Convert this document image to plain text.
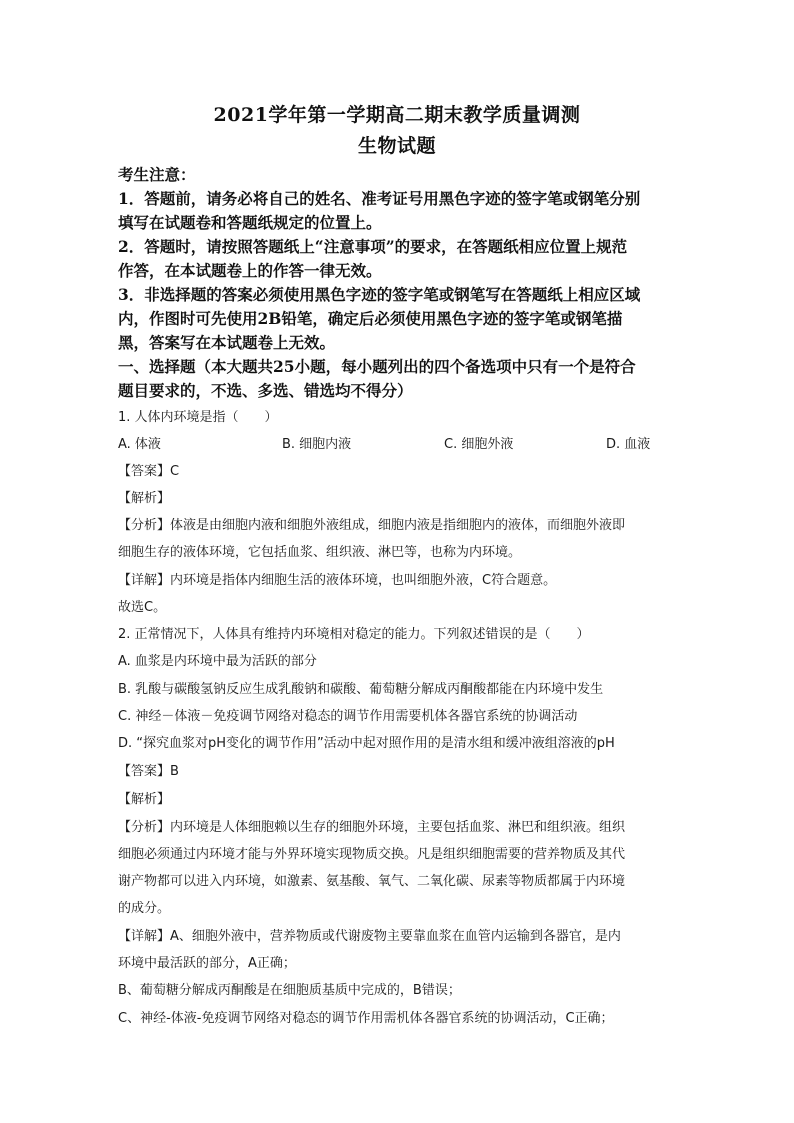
2021学年第一学期高二期末教学质量调测
生物试题
考生注意：
1．答题前，请务必将自己的姓名、准考证号用黑色字迹的签字笔或钢笔分别
填写在试题卷和答题纸规定的位置上。
2．答题时，请按照答题纸上“注意事项”的要求，在答题纸相应位置上规范
作答，在本试题卷上的作答一律无效。
3．非选择题的答案必须使用黑色字迹的签字笔或钢笔写在答题纸上相应区域
内，作图时可先使用2B铅笔，确定后必须使用黑色字迹的签字笔或钢笔描
黑，答案写在本试题卷上无效。
一、选择题（本大题共25小题，每小题列出的四个备选项中只有一个是符合
题目要求的，不选、多选、错选均不得分）
1. 人体内环境是指（　　）
A. 体液	B. 细胞内液	C. 细胞外液	D. 血液
【答案】C
【解析】
【分析】体液是由细胞内液和细胞外液组成，细胞内液是指细胞内的液体，而细胞外液即
细胞生存的液体环境，它包括血浆、组织液、淋巴等，也称为内环境。
【详解】内环境是指体内细胞生活的液体环境，也叫细胞外液，C符合题意。
故选C。
2. 正常情况下，人体具有维持内环境相对稳定的能力。下列叙述错误的是（　　）
A. 血浆是内环境中最为活跃的部分
B. 乳酸与碳酸氢钠反应生成乳酸钠和碳酸、葡萄糖分解成丙酮酸都能在内环境中发生
C. 神经－体液－免疫调节网络对稳态的调节作用需要机体各器官系统的协调活动
D. “探究血浆对pH变化的调节作用”活动中起对照作用的是清水组和缓冲液组溶液的pH
【答案】B
【解析】
【分析】内环境是人体细胞赖以生存的细胞外环境，主要包括血浆、淋巴和组织液。组织
细胞必须通过内环境才能与外界环境实现物质交换。凡是组织细胞需要的营养物质及其代
谢产物都可以进入内环境，如激素、氨基酸、氧气、二氧化碳、尿素等物质都属于内环境
的成分。
【详解】A、细胞外液中，营养物质或代谢废物主要靠血浆在血管内运输到各器官，是内
环境中最活跃的部分，A正确；
B、葡萄糖分解成丙酮酸是在细胞质基质中完成的，B错误；
C、神经-体液-免疫调节网络对稳态的调节作用需机体各器官系统的协调活动，C正确；
